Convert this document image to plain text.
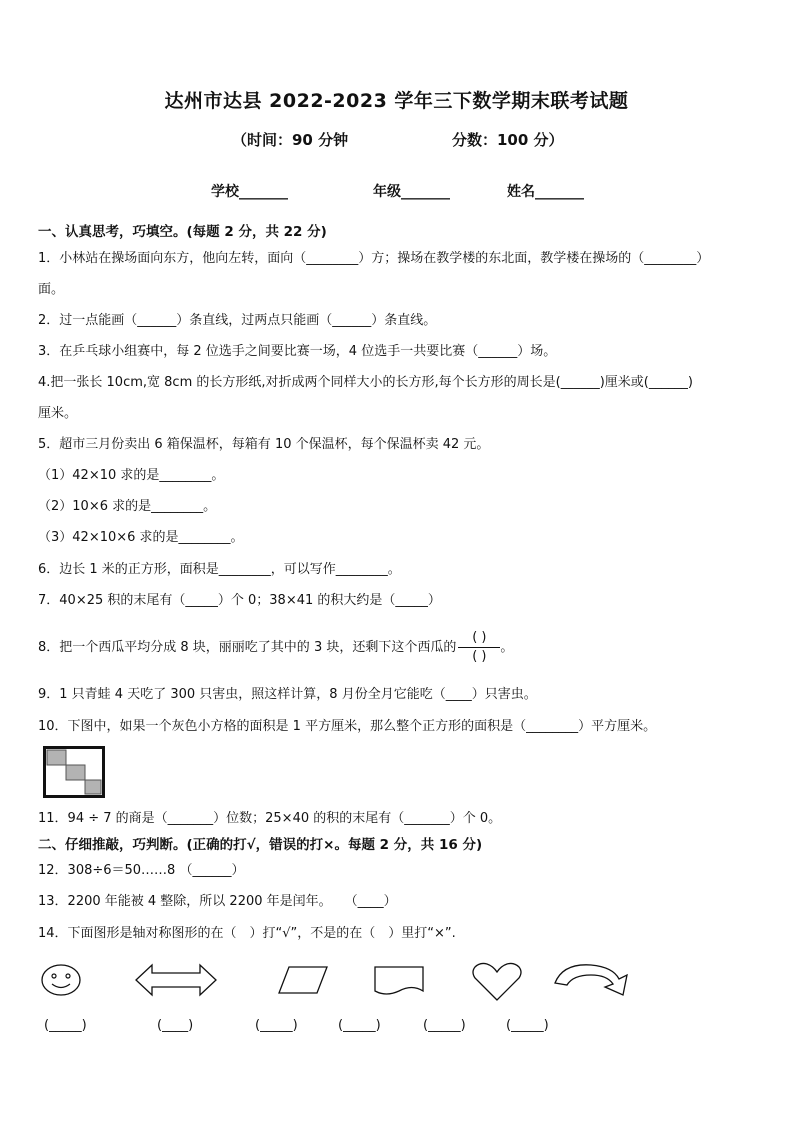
达州市达县 2022-2023 学年三下数学期末联考试题
（时间：90 分钟	分数：100 分）
学校_______	年级_______	姓名_______
一、认真思考，巧填空。(每题 2 分，共 22 分)
1．小林站在操场面向东方，他向左转，面向（________）方；操场在教学楼的东北面，教学楼在操场的（________）
面。
2．过一点能画（______）条直线，过两点只能画（______）条直线。
3．在乒乓球小组赛中，每 2 位选手之间要比赛一场，4 位选手一共要比赛（______）场。
4.把一张长 10cm,宽 8cm 的长方形纸,对折成两个同样大小的长方形,每个长方形的周长是(______)厘米或(______)
厘米。
5．超市三月份卖出 6 箱保温杯，每箱有 10 个保温杯，每个保温杯卖 42 元。
（1）42×10 求的是________。
（2）10×6 求的是________。
（3）42×10×6 求的是________。
6．边长 1 米的正方形，面积是________，可以写作________。
7．40×25 积的末尾有（_____）个 0；38×41 的积大约是（_____）
8．把一个西瓜平均分成 8 块，丽丽吃了其中的 3 块，还剩下这个西瓜的 $\frac{( )}{( )}$ 。
9．1 只青蛙 4 天吃了 300 只害虫，照这样计算，8 月份全月它能吃（____）只害虫。
10．下图中，如果一个灰色小方格的面积是 1 平方厘米，那么整个正方形的面积是（________）平方厘米。
11．94 ÷ 7 的商是（_______）位数；25×40 的积的末尾有（_______）个 0。
二、仔细推敲，巧判断。(正确的打√，错误的打×。每题 2 分，共 16 分)
12．308÷6＝50……8 （______）
13．2200 年能被 4 整除，所以 2200 年是闰年。　　（____）
14．下面图形是轴对称图形的在（　）打“√”，不是的在（　）里打“×”.
(_____)	(____)	(_____)	(_____)	(_____)	(_____)
